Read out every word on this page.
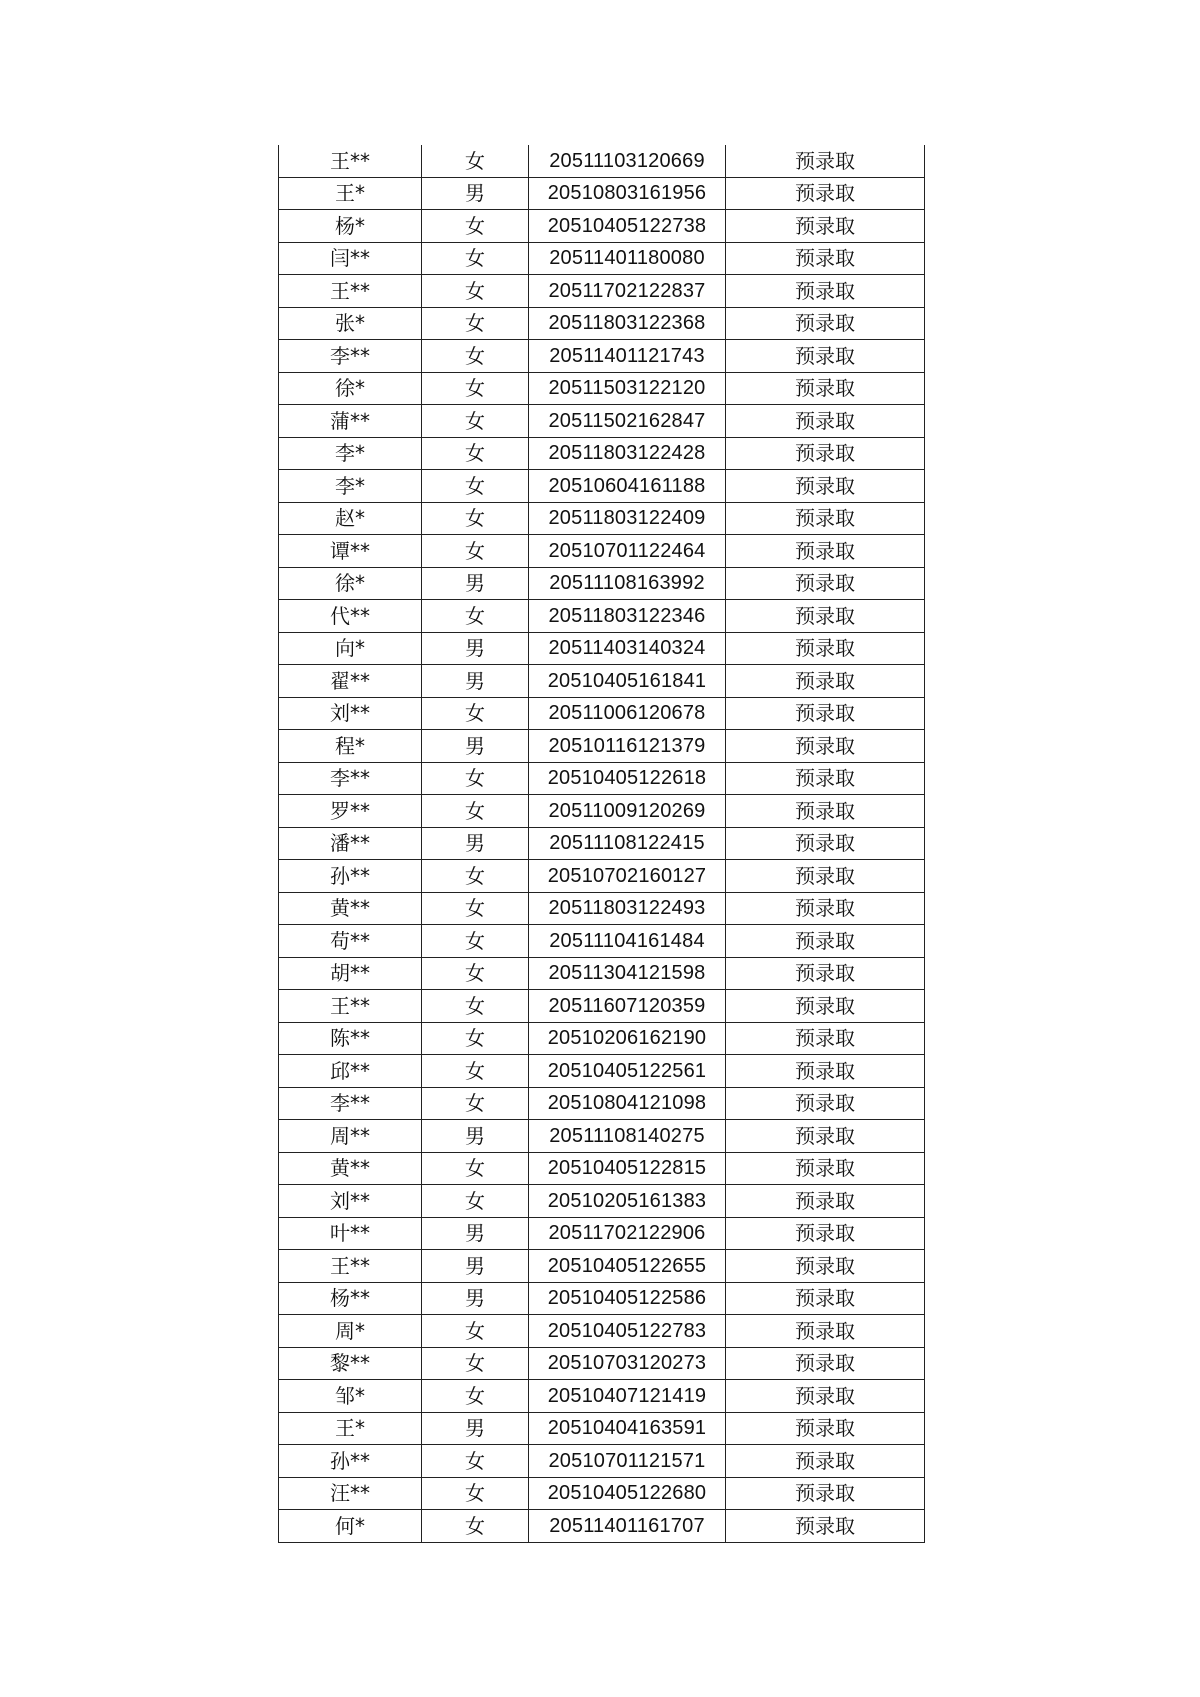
王**	女	20511103120669	预录取
王*	男	20510803161956	预录取
杨*	女	20510405122738	预录取
闫**	女	20511401180080	预录取
王**	女	20511702122837	预录取
张*	女	20511803122368	预录取
李**	女	20511401121743	预录取
徐*	女	20511503122120	预录取
蒲**	女	20511502162847	预录取
李*	女	20511803122428	预录取
李*	女	20510604161188	预录取
赵*	女	20511803122409	预录取
谭**	女	20510701122464	预录取
徐*	男	20511108163992	预录取
代**	女	20511803122346	预录取
向*	男	20511403140324	预录取
翟**	男	20510405161841	预录取
刘**	女	20511006120678	预录取
程*	男	20510116121379	预录取
李**	女	20510405122618	预录取
罗**	女	20511009120269	预录取
潘**	男	20511108122415	预录取
孙**	女	20510702160127	预录取
黄**	女	20511803122493	预录取
苟**	女	20511104161484	预录取
胡**	女	20511304121598	预录取
王**	女	20511607120359	预录取
陈**	女	20510206162190	预录取
邱**	女	20510405122561	预录取
李**	女	20510804121098	预录取
周**	男	20511108140275	预录取
黄**	女	20510405122815	预录取
刘**	女	20510205161383	预录取
叶**	男	20511702122906	预录取
王**	男	20510405122655	预录取
杨**	男	20510405122586	预录取
周*	女	20510405122783	预录取
黎**	女	20510703120273	预录取
邹*	女	20510407121419	预录取
王*	男	20510404163591	预录取
孙**	女	20510701121571	预录取
汪**	女	20510405122680	预录取
何*	女	20511401161707	预录取
